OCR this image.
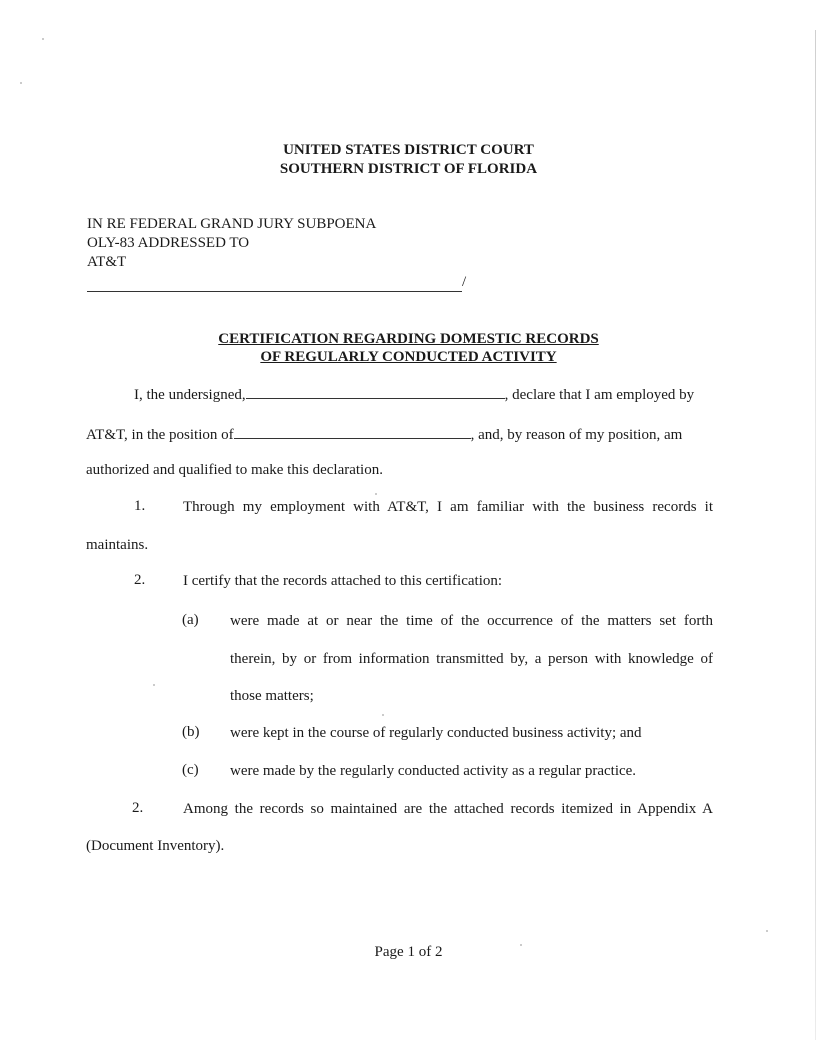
UNITED STATES DISTRICT COURT
SOUTHERN DISTRICT OF FLORIDA
IN RE FEDERAL GRAND JURY SUBPOENA
OLY-83 ADDRESSED TO
AT&T
/
CERTIFICATION REGARDING DOMESTIC RECORDS
OF REGULARLY CONDUCTED ACTIVITY
I, the undersigned,	, declare that I am employed by
AT&T, in the position of	, and, by reason of my position, am
authorized and qualified to make this declaration.
1.	Through my employment with AT&T, I am familiar with the business records it
maintains.
2.	I certify that the records attached to this certification:
(a) were made at or near the time of the occurrence of the matters set forth
therein, by or from information transmitted by, a person with knowledge of
those matters;
(b) were kept in the course of regularly conducted business activity; and
(c) were made by the regularly conducted activity as a regular practice.
2.	Among the records so maintained are the attached records itemized in Appendix A
(Document Inventory).
Page 1 of 2
